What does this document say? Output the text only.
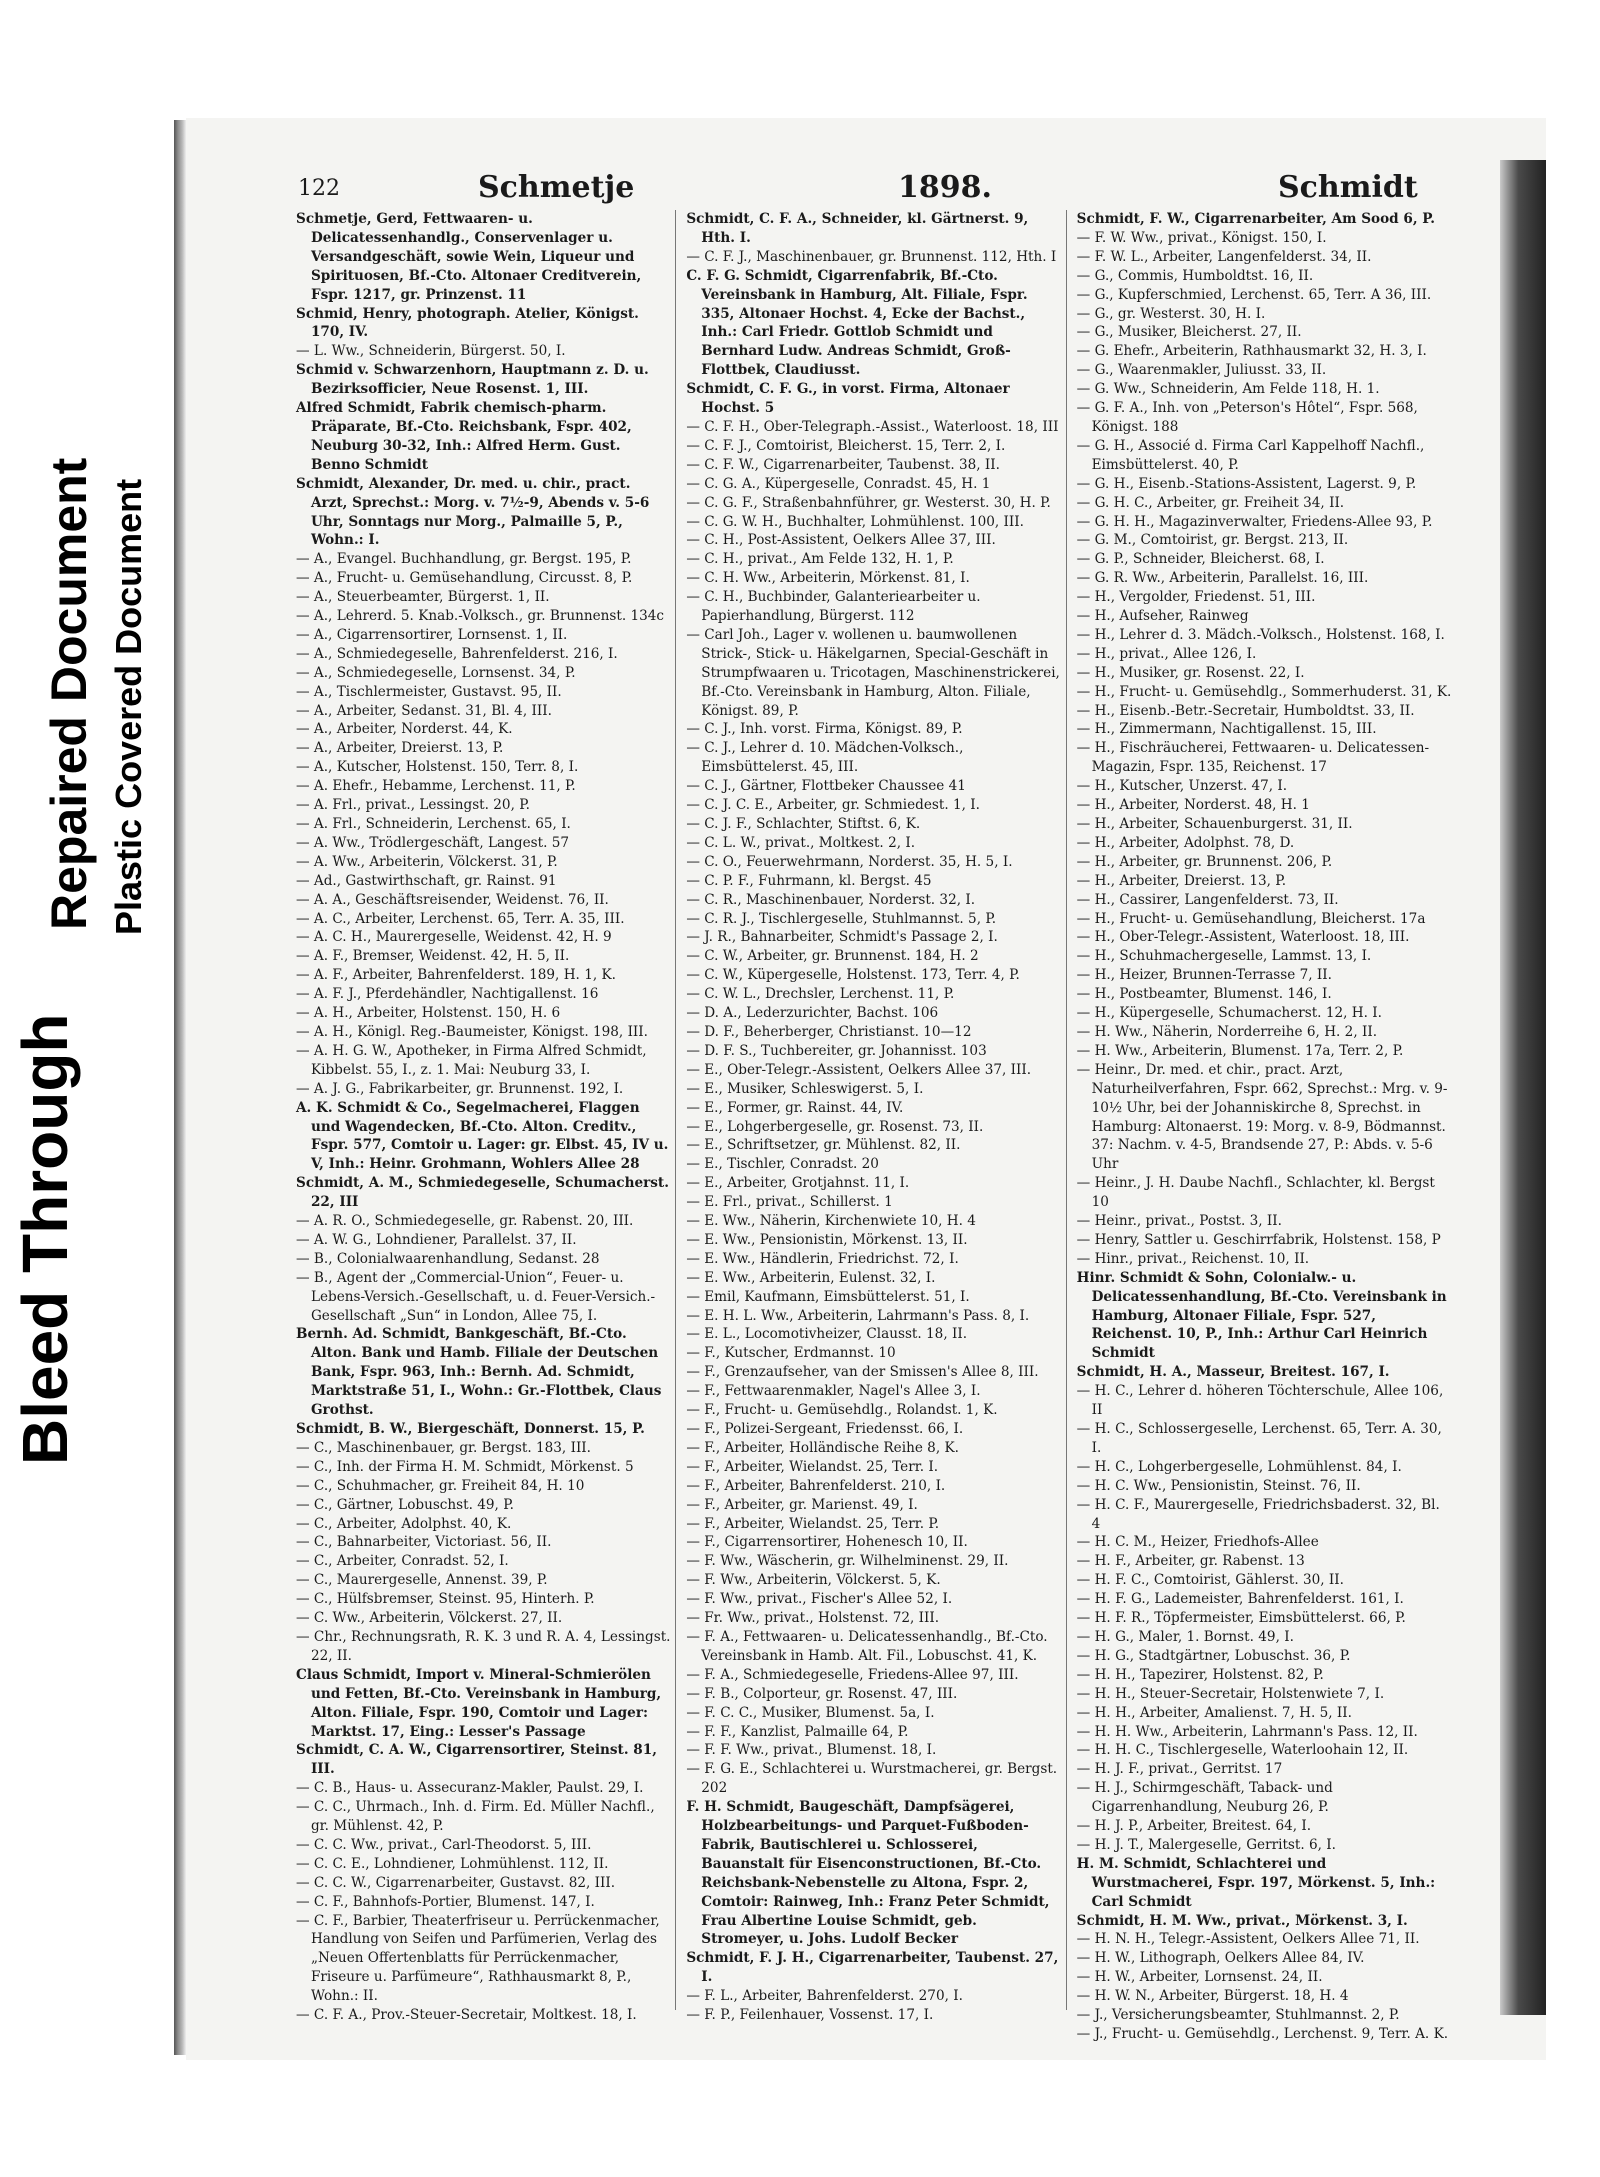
Bleed Through
Repaired Document Plastic Covered Document
122	Schmetje	1898.	Schmidt

Schmetje, Gerd, Fettwaaren- u. Delicatessenhandlg., Conservenlager u. Versandgeschäft, sowie Wein, Liqueur und Spirituosen, Bf.-Cto. Altonaer Creditverein, Fspr. 1217, gr. Prinzenst. 11

Schmid, Henry, photograph. Atelier, Königst. 170, IV.

— L. Ww., Schneiderin, Bürgerst. 50, I.

Schmid v. Schwarzenhorn, Hauptmann z. D. u. Bezirksofficier, Neue Rosenst. 1, III.

Alfred Schmidt, Fabrik chemisch-pharm. Präparate, Bf.-Cto. Reichsbank, Fspr. 402, Neuburg 30-32, Inh.: Alfred Herm. Gust. Benno Schmidt

Schmidt, Alexander, Dr. med. u. chir., pract. Arzt, Sprechst.: Morg. v. 7½-9, Abends v. 5-6 Uhr, Sonntags nur Morg., Palmaille 5, P., Wohn.: I.

— A., Evangel. Buchhandlung, gr. Bergst. 195, P.

— A., Frucht- u. Gemüsehandlung, Circusst. 8, P.

— A., Steuerbeamter, Bürgerst. 1, II.

— A., Lehrerd. 5. Knab.-Volksch., gr. Brunnenst. 134c

— A., Cigarrensortirer, Lornsenst. 1, II.

— A., Schmiedegeselle, Bahrenfelderst. 216, I.

— A., Schmiedegeselle, Lornsenst. 34, P.

— A., Tischlermeister, Gustavst. 95, II.

— A., Arbeiter, Sedanst. 31, Bl. 4, III.

— A., Arbeiter, Norderst. 44, K.

— A., Arbeiter, Dreierst. 13, P.

— A., Kutscher, Holstenst. 150, Terr. 8, I.

— A. Ehefr., Hebamme, Lerchenst. 11, P.

— A. Frl., privat., Lessingst. 20, P.

— A. Frl., Schneiderin, Lerchenst. 65, I.

— A. Ww., Trödlergeschäft, Langest. 57

— A. Ww., Arbeiterin, Völckerst. 31, P.

— Ad., Gastwirthschaft, gr. Rainst. 91

— A. A., Geschäftsreisender, Weidenst. 76, II.

— A. C., Arbeiter, Lerchenst. 65, Terr. A. 35, III.

— A. C. H., Maurergeselle, Weidenst. 42, H. 9

— A. F., Bremser, Weidenst. 42, H. 5, II.

— A. F., Arbeiter, Bahrenfelderst. 189, H. 1, K.

— A. F. J., Pferdehändler, Nachtigallenst. 16

— A. H., Arbeiter, Holstenst. 150, H. 6

— A. H., Königl. Reg.-Baumeister, Königst. 198, III.

— A. H. G. W., Apotheker, in Firma Alfred Schmidt, Kibbelst. 55, I., z. 1. Mai: Neuburg 33, I.

— A. J. G., Fabrikarbeiter, gr. Brunnenst. 192, I.

A. K. Schmidt & Co., Segelmacherei, Flaggen und Wagendecken, Bf.-Cto. Alton. Creditv., Fspr. 577, Comtoir u. Lager: gr. Elbst. 45, IV u. V, Inh.: Heinr. Grohmann, Wohlers Allee 28

Schmidt, A. M., Schmiedegeselle, Schumacherst. 22, III

— A. R. O., Schmiedegeselle, gr. Rabenst. 20, III.

— A. W. G., Lohndiener, Parallelst. 37, II.

— B., Colonialwaarenhandlung, Sedanst. 28

— B., Agent der „Commercial-Union“, Feuer- u. Lebens-Versich.-Gesellschaft, u. d. Feuer-Versich.-Gesellschaft „Sun“ in London, Allee 75, I.

Bernh. Ad. Schmidt, Bankgeschäft, Bf.-Cto. Alton. Bank und Hamb. Filiale der Deutschen Bank, Fspr. 963, Inh.: Bernh. Ad. Schmidt, Marktstraße 51, I., Wohn.: Gr.-Flottbek, Claus Grothst.

Schmidt, B. W., Biergeschäft, Donnerst. 15, P.

— C., Maschinenbauer, gr. Bergst. 183, III.

— C., Inh. der Firma H. M. Schmidt, Mörkenst. 5

— C., Schuhmacher, gr. Freiheit 84, H. 10

— C., Gärtner, Lobuschst. 49, P.

— C., Arbeiter, Adolphst. 40, K.

— C., Bahnarbeiter, Victoriast. 56, II.

— C., Arbeiter, Conradst. 52, I.

— C., Maurergeselle, Annenst. 39, P.

— C., Hülfsbremser, Steinst. 95, Hinterh. P.

— C. Ww., Arbeiterin, Völckerst. 27, II.

— Chr., Rechnungsrath, R. K. 3 und R. A. 4, Lessingst. 22, II.

Claus Schmidt, Import v. Mineral-Schmierölen und Fetten, Bf.-Cto. Vereinsbank in Hamburg, Alton. Filiale, Fspr. 190, Comtoir und Lager: Marktst. 17, Eing.: Lesser's Passage

Schmidt, C. A. W., Cigarrensortirer, Steinst. 81, III.

— C. B., Haus- u. Assecuranz-Makler, Paulst. 29, I.

— C. C., Uhrmach., Inh. d. Firm. Ed. Müller Nachfl., gr. Mühlenst. 42, P.

— C. C. Ww., privat., Carl-Theodorst. 5, III.

— C. C. E., Lohndiener, Lohmühlenst. 112, II.

— C. C. W., Cigarrenarbeiter, Gustavst. 82, III.

— C. F., Bahnhofs-Portier, Blumenst. 147, I.

— C. F., Barbier, Theaterfriseur u. Perrückenmacher, Handlung von Seifen und Parfümerien, Verlag des „Neuen Offertenblatts für Perrückenmacher, Friseure u. Parfümeure“, Rathhausmarkt 8, P., Wohn.: II.

— C. F. A., Prov.-Steuer-Secretair, Moltkest. 18, I.

Schmidt, C. F. A., Schneider, kl. Gärtnerst. 9, Hth. I.

— C. F. J., Maschinenbauer, gr. Brunnenst. 112, Hth. I

C. F. G. Schmidt, Cigarrenfabrik, Bf.-Cto. Vereinsbank in Hamburg, Alt. Filiale, Fspr. 335, Altonaer Hochst. 4, Ecke der Bachst., Inh.: Carl Friedr. Gottlob Schmidt und Bernhard Ludw. Andreas Schmidt, Groß-Flottbek, Claudiusst.

Schmidt, C. F. G., in vorst. Firma, Altonaer Hochst. 5

— C. F. H., Ober-Telegraph.-Assist., Waterloost. 18, III

— C. F. J., Comtoirist, Bleicherst. 15, Terr. 2, I.

— C. F. W., Cigarrenarbeiter, Taubenst. 38, II.

— C. G. A., Küpergeselle, Conradst. 45, H. 1

— C. G. F., Straßenbahnführer, gr. Westerst. 30, H. P.

— C. G. W. H., Buchhalter, Lohmühlenst. 100, III.

— C. H., Post-Assistent, Oelkers Allee 37, III.

— C. H., privat., Am Felde 132, H. 1, P.

— C. H. Ww., Arbeiterin, Mörkenst. 81, I.

— C. H., Buchbinder, Galanteriearbeiter u. Papierhandlung, Bürgerst. 112

— Carl Joh., Lager v. wollenen u. baumwollenen Strick-, Stick- u. Häkelgarnen, Special-Geschäft in Strumpfwaaren u. Tricotagen, Maschinenstrickerei, Bf.-Cto. Vereinsbank in Hamburg, Alton. Filiale, Königst. 89, P.

— C. J., Inh. vorst. Firma, Königst. 89, P.

— C. J., Lehrer d. 10. Mädchen-Volksch., Eimsbüttelerst. 45, III.

— C. J., Gärtner, Flottbeker Chaussee 41

— C. J. C. E., Arbeiter, gr. Schmiedest. 1, I.

— C. J. F., Schlachter, Stiftst. 6, K.

— C. L. W., privat., Moltkest. 2, I.

— C. O., Feuerwehrmann, Norderst. 35, H. 5, I.

— C. P. F., Fuhrmann, kl. Bergst. 45

— C. R., Maschinenbauer, Norderst. 32, I.

— C. R. J., Tischlergeselle, Stuhlmannst. 5, P.

— J. R., Bahnarbeiter, Schmidt's Passage 2, I.

— C. W., Arbeiter, gr. Brunnenst. 184, H. 2

— C. W., Küpergeselle, Holstenst. 173, Terr. 4, P.

— C. W. L., Drechsler, Lerchenst. 11, P.

— D. A., Lederzurichter, Bachst. 106

— D. F., Beherberger, Christianst. 10—12

— D. F. S., Tuchbereiter, gr. Johannisst. 103

— E., Ober-Telegr.-Assistent, Oelkers Allee 37, III.

— E., Musiker, Schleswigerst. 5, I.

— E., Former, gr. Rainst. 44, IV.

— E., Lohgerbergeselle, gr. Rosenst. 73, II.

— E., Schriftsetzer, gr. Mühlenst. 82, II.

— E., Tischler, Conradst. 20

— E., Arbeiter, Grotjahnst. 11, I.

— E. Frl., privat., Schillerst. 1

— E. Ww., Näherin, Kirchenwiete 10, H. 4

— E. Ww., Pensionistin, Mörkenst. 13, II.

— E. Ww., Händlerin, Friedrichst. 72, I.

— E. Ww., Arbeiterin, Eulenst. 32, I.

— Emil, Kaufmann, Eimsbüttelerst. 51, I.

— E. H. L. Ww., Arbeiterin, Lahrmann's Pass. 8, I.

— E. L., Locomotivheizer, Clausst. 18, II.

— F., Kutscher, Erdmannst. 10

— F., Grenzaufseher, van der Smissen's Allee 8, III.

— F., Fettwaarenmakler, Nagel's Allee 3, I.

— F., Frucht- u. Gemüsehdlg., Rolandst. 1, K.

— F., Polizei-Sergeant, Friedensst. 66, I.

— F., Arbeiter, Holländische Reihe 8, K.

— F., Arbeiter, Wielandst. 25, Terr. I.

— F., Arbeiter, Bahrenfelderst. 210, I.

— F., Arbeiter, gr. Marienst. 49, I.

— F., Arbeiter, Wielandst. 25, Terr. P.

— F., Cigarrensortirer, Hohenesch 10, II.

— F. Ww., Wäscherin, gr. Wilhelminenst. 29, II.

— F. Ww., Arbeiterin, Völckerst. 5, K.

— F. Ww., privat., Fischer's Allee 52, I.

— Fr. Ww., privat., Holstenst. 72, III.

— F. A., Fettwaaren- u. Delicatessenhandlg., Bf.-Cto. Vereinsbank in Hamb. Alt. Fil., Lobuschst. 41, K.

— F. A., Schmiedegeselle, Friedens-Allee 97, III.

— F. B., Colporteur, gr. Rosenst. 47, III.

— F. C. C., Musiker, Blumenst. 5a, I.

— F. F., Kanzlist, Palmaille 64, P.

— F. F. Ww., privat., Blumenst. 18, I.

— F. G. E., Schlachterei u. Wurstmacherei, gr. Bergst. 202

F. H. Schmidt, Baugeschäft, Dampfsägerei, Holzbearbeitungs- und Parquet-Fußboden-Fabrik, Bautischlerei u. Schlosserei, Bauanstalt für Eisenconstructionen, Bf.-Cto. Reichsbank-Nebenstelle zu Altona, Fspr. 2, Comtoir: Rainweg, Inh.: Franz Peter Schmidt, Frau Albertine Louise Schmidt, geb. Stromeyer, u. Johs. Ludolf Becker

Schmidt, F. J. H., Cigarrenarbeiter, Taubenst. 27, I.

— F. L., Arbeiter, Bahrenfelderst. 270, I.

— F. P., Feilenhauer, Vossenst. 17, I.

Schmidt, F. W., Cigarrenarbeiter, Am Sood 6, P.

— F. W. Ww., privat., Königst. 150, I.

— F. W. L., Arbeiter, Langenfelderst. 34, II.

— G., Commis, Humboldtst. 16, II.

— G., Kupferschmied, Lerchenst. 65, Terr. A 36, III.

— G., gr. Westerst. 30, H. I.

— G., Musiker, Bleicherst. 27, II.

— G. Ehefr., Arbeiterin, Rathhausmarkt 32, H. 3, I.

— G., Waarenmakler, Juliusst. 33, II.

— G. Ww., Schneiderin, Am Felde 118, H. 1.

— G. F. A., Inh. von „Peterson's Hôtel“, Fspr. 568, Königst. 188

— G. H., Associé d. Firma Carl Kappelhoff Nachfl., Eimsbüttelerst. 40, P.

— G. H., Eisenb.-Stations-Assistent, Lagerst. 9, P.

— G. H. C., Arbeiter, gr. Freiheit 34, II.

— G. H. H., Magazinverwalter, Friedens-Allee 93, P.

— G. M., Comtoirist, gr. Bergst. 213, II.

— G. P., Schneider, Bleicherst. 68, I.

— G. R. Ww., Arbeiterin, Parallelst. 16, III.

— H., Vergolder, Friedenst. 51, III.

— H., Aufseher, Rainweg

— H., Lehrer d. 3. Mädch.-Volksch., Holstenst. 168, I.

— H., privat., Allee 126, I.

— H., Musiker, gr. Rosenst. 22, I.

— H., Frucht- u. Gemüsehdlg., Sommerhuderst. 31, K.

— H., Eisenb.-Betr.-Secretair, Humboldtst. 33, II.

— H., Zimmermann, Nachtigallenst. 15, III.

— H., Fischräucherei, Fettwaaren- u. Delicatessen-Magazin, Fspr. 135, Reichenst. 17

— H., Kutscher, Unzerst. 47, I.

— H., Arbeiter, Norderst. 48, H. 1

— H., Arbeiter, Schauenburgerst. 31, II.

— H., Arbeiter, Adolphst. 78, D.

— H., Arbeiter, gr. Brunnenst. 206, P.

— H., Arbeiter, Dreierst. 13, P.

— H., Cassirer, Langenfelderst. 73, II.

— H., Frucht- u. Gemüsehandlung, Bleicherst. 17a

— H., Ober-Telegr.-Assistent, Waterloost. 18, III.

— H., Schuhmachergeselle, Lammst. 13, I.

— H., Heizer, Brunnen-Terrasse 7, II.

— H., Postbeamter, Blumenst. 146, I.

— H., Küpergeselle, Schumacherst. 12, H. I.

— H. Ww., Näherin, Norderreihe 6, H. 2, II.

— H. Ww., Arbeiterin, Blumenst. 17a, Terr. 2, P.

— Heinr., Dr. med. et chir., pract. Arzt, Naturheilverfahren, Fspr. 662, Sprechst.: Mrg. v. 9-10½ Uhr, bei der Johanniskirche 8, Sprechst. in Hamburg: Altonaerst. 19: Morg. v. 8-9, Bödmannst. 37: Nachm. v. 4-5, Brandsende 27, P.: Abds. v. 5-6 Uhr

— Heinr., J. H. Daube Nachfl., Schlachter, kl. Bergst 10

— Heinr., privat., Postst. 3, II.

— Henry, Sattler u. Geschirrfabrik, Holstenst. 158, P

— Hinr., privat., Reichenst. 10, II.

Hinr. Schmidt & Sohn, Colonialw.- u. Delicatessenhandlung, Bf.-Cto. Vereinsbank in Hamburg, Altonaer Filiale, Fspr. 527, Reichenst. 10, P., Inh.: Arthur Carl Heinrich Schmidt

Schmidt, H. A., Masseur, Breitest. 167, I.

— H. C., Lehrer d. höheren Töchterschule, Allee 106, II

— H. C., Schlossergeselle, Lerchenst. 65, Terr. A. 30, I.

— H. C., Lohgerbergeselle, Lohmühlenst. 84, I.

— H. C. Ww., Pensionistin, Steinst. 76, II.

— H. C. F., Maurergeselle, Friedrichsbaderst. 32, Bl. 4

— H. C. M., Heizer, Friedhofs-Allee

— H. F., Arbeiter, gr. Rabenst. 13

— H. F. C., Comtoirist, Gählerst. 30, II.

— H. F. G., Lademeister, Bahrenfelderst. 161, I.

— H. F. R., Töpfermeister, Eimsbüttelerst. 66, P.

— H. G., Maler, 1. Bornst. 49, I.

— H. G., Stadtgärtner, Lobuschst. 36, P.

— H. H., Tapezirer, Holstenst. 82, P.

— H. H., Steuer-Secretair, Holstenwiete 7, I.

— H. H., Arbeiter, Amalienst. 7, H. 5, II.

— H. H. Ww., Arbeiterin, Lahrmann's Pass. 12, II.

— H. H. C., Tischlergeselle, Waterloohain 12, II.

— H. J. F., privat., Gerritst. 17

— H. J., Schirmgeschäft, Taback- und Cigarrenhandlung, Neuburg 26, P.

— H. J. P., Arbeiter, Breitest. 64, I.

— H. J. T., Malergeselle, Gerritst. 6, I.

H. M. Schmidt, Schlachterei und Wurstmacherei, Fspr. 197, Mörkenst. 5, Inh.: Carl Schmidt

Schmidt, H. M. Ww., privat., Mörkenst. 3, I.

— H. N. H., Telegr.-Assistent, Oelkers Allee 71, II.

— H. W., Lithograph, Oelkers Allee 84, IV.

— H. W., Arbeiter, Lornsenst. 24, II.

— H. W. N., Arbeiter, Bürgerst. 18, H. 4

— J., Versicherungsbeamter, Stuhlmannst. 2, P.

— J., Frucht- u. Gemüsehdlg., Lerchenst. 9, Terr. A. K.
